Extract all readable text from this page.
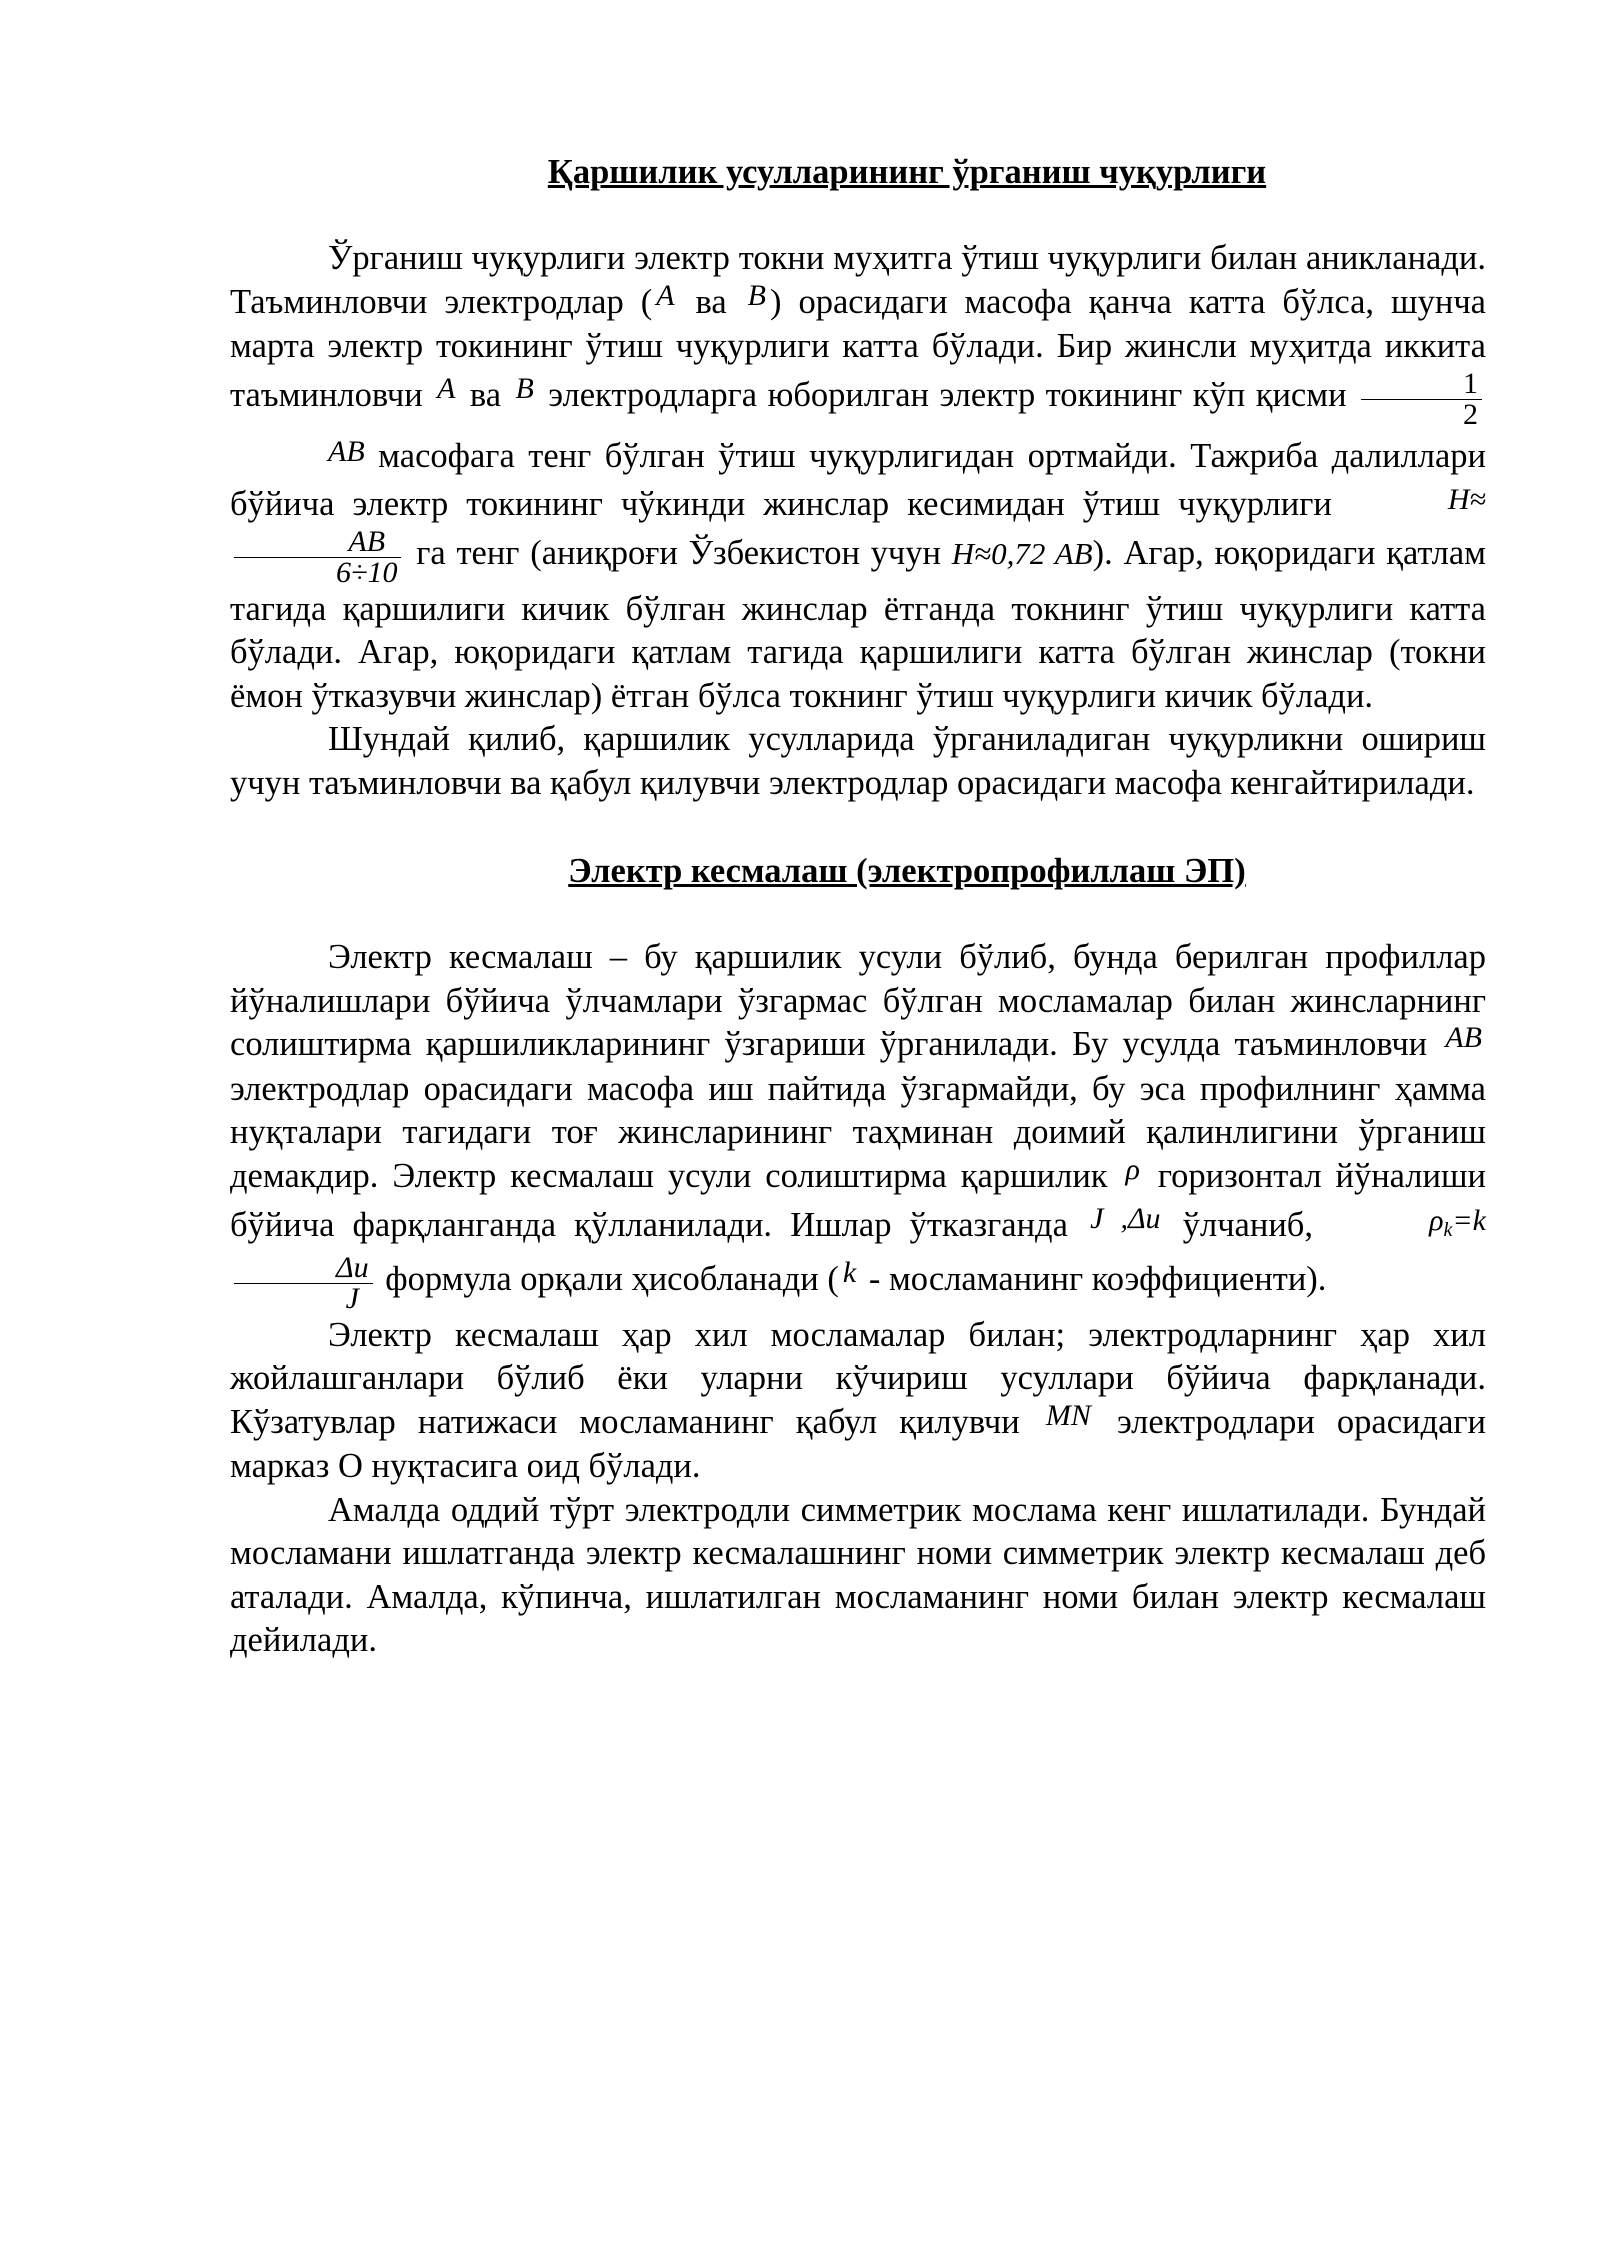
Қаршилик усулларининг ўрганиш чуқурлиги

Ўрганиш чуқурлиги электр токни муҳитга ўтиш чуқурлиги билан аникланади. Таъминловчи электродлар ( A ва B ) орасидаги масофа қанча катта бўлса, шунча марта электр токининг ўтиш чуқурлиги катта бўлади. Бир жинсли муҳитда иккита таъминловчи A ва B электродларга юборилган электр токининг кўп қисми $\frac{1}{2}$
AB масофага тенг бўлган ўтиш чуқурлигидан ортмайди. Тажриба далиллари бўйича электр токининг чўкинди жинслар кесимидан ўтиш чуқурлиги	H≈
$\frac{AB}{6\div 10}$ га тенг (аниқроғи Ўзбекистон учун H≈0,72 AB). Агар, юқоридаги қатлам тагида қаршилиги кичик бўлган жинслар ётганда токнинг ўтиш чуқурлиги катта бўлади. Агар, юқоридаги қатлам тагида қаршилиги катта бўлган жинслар (токни ёмон ўтказувчи жинслар) ётган бўлса токнинг ўтиш чуқурлиги кичик бўлади.

Шундай қилиб, қаршилик усулларида ўрганиладиган чуқурликни ошириш учун таъминловчи ва қабул қилувчи электродлар орасидаги масофа кенгайтирилади.

Электр кесмалаш (электропрофиллаш ЭП)

Электр кесмалаш – бу қаршилик усули бўлиб, бунда берилган профиллар йўналишлари бўйича ўлчамлари ўзгармас бўлган мосламалар билан жинсларнинг солиштирма қаршиликларининг ўзгариши ўрганилади. Бу усулда таъминловчи AB электродлар орасидаги масофа иш пайтида ўзгармайди, бу эса профилнинг ҳамма нуқталари тагидаги тоғ жинсларининг таҳминан доимий қалинлигини ўрганиш демакдир. Электр кесмалаш усули солиштирма қаршилик ρ горизонтал йўналиши бўйича фарқланганда қўлланилади. Ишлар ўтказганда J ,Δu ўлчаниб,	$\rho_k=k$
$\frac{\Delta u}{J}$ формула орқали ҳисобланади ( k - мосламанинг коэффициенти).

Электр кесмалаш ҳар хил мосламалар билан; электродларнинг ҳар хил жойлашганлари бўлиб ёки уларни кўчириш усуллари бўйича фарқланади. Кўзатувлар натижаси мосламанинг қабул қилувчи MN электродлари орасидаги марказ О нуқтасига оид бўлади.

Амалда оддий тўрт электродли симметрик мослама кенг ишлатилади. Бундай мосламани ишлатганда электр кесмалашнинг номи симметрик электр кесмалаш деб аталади. Амалда, кўпинча, ишлатилган мосламанинг номи билан электр кесмалаш дейилади.
